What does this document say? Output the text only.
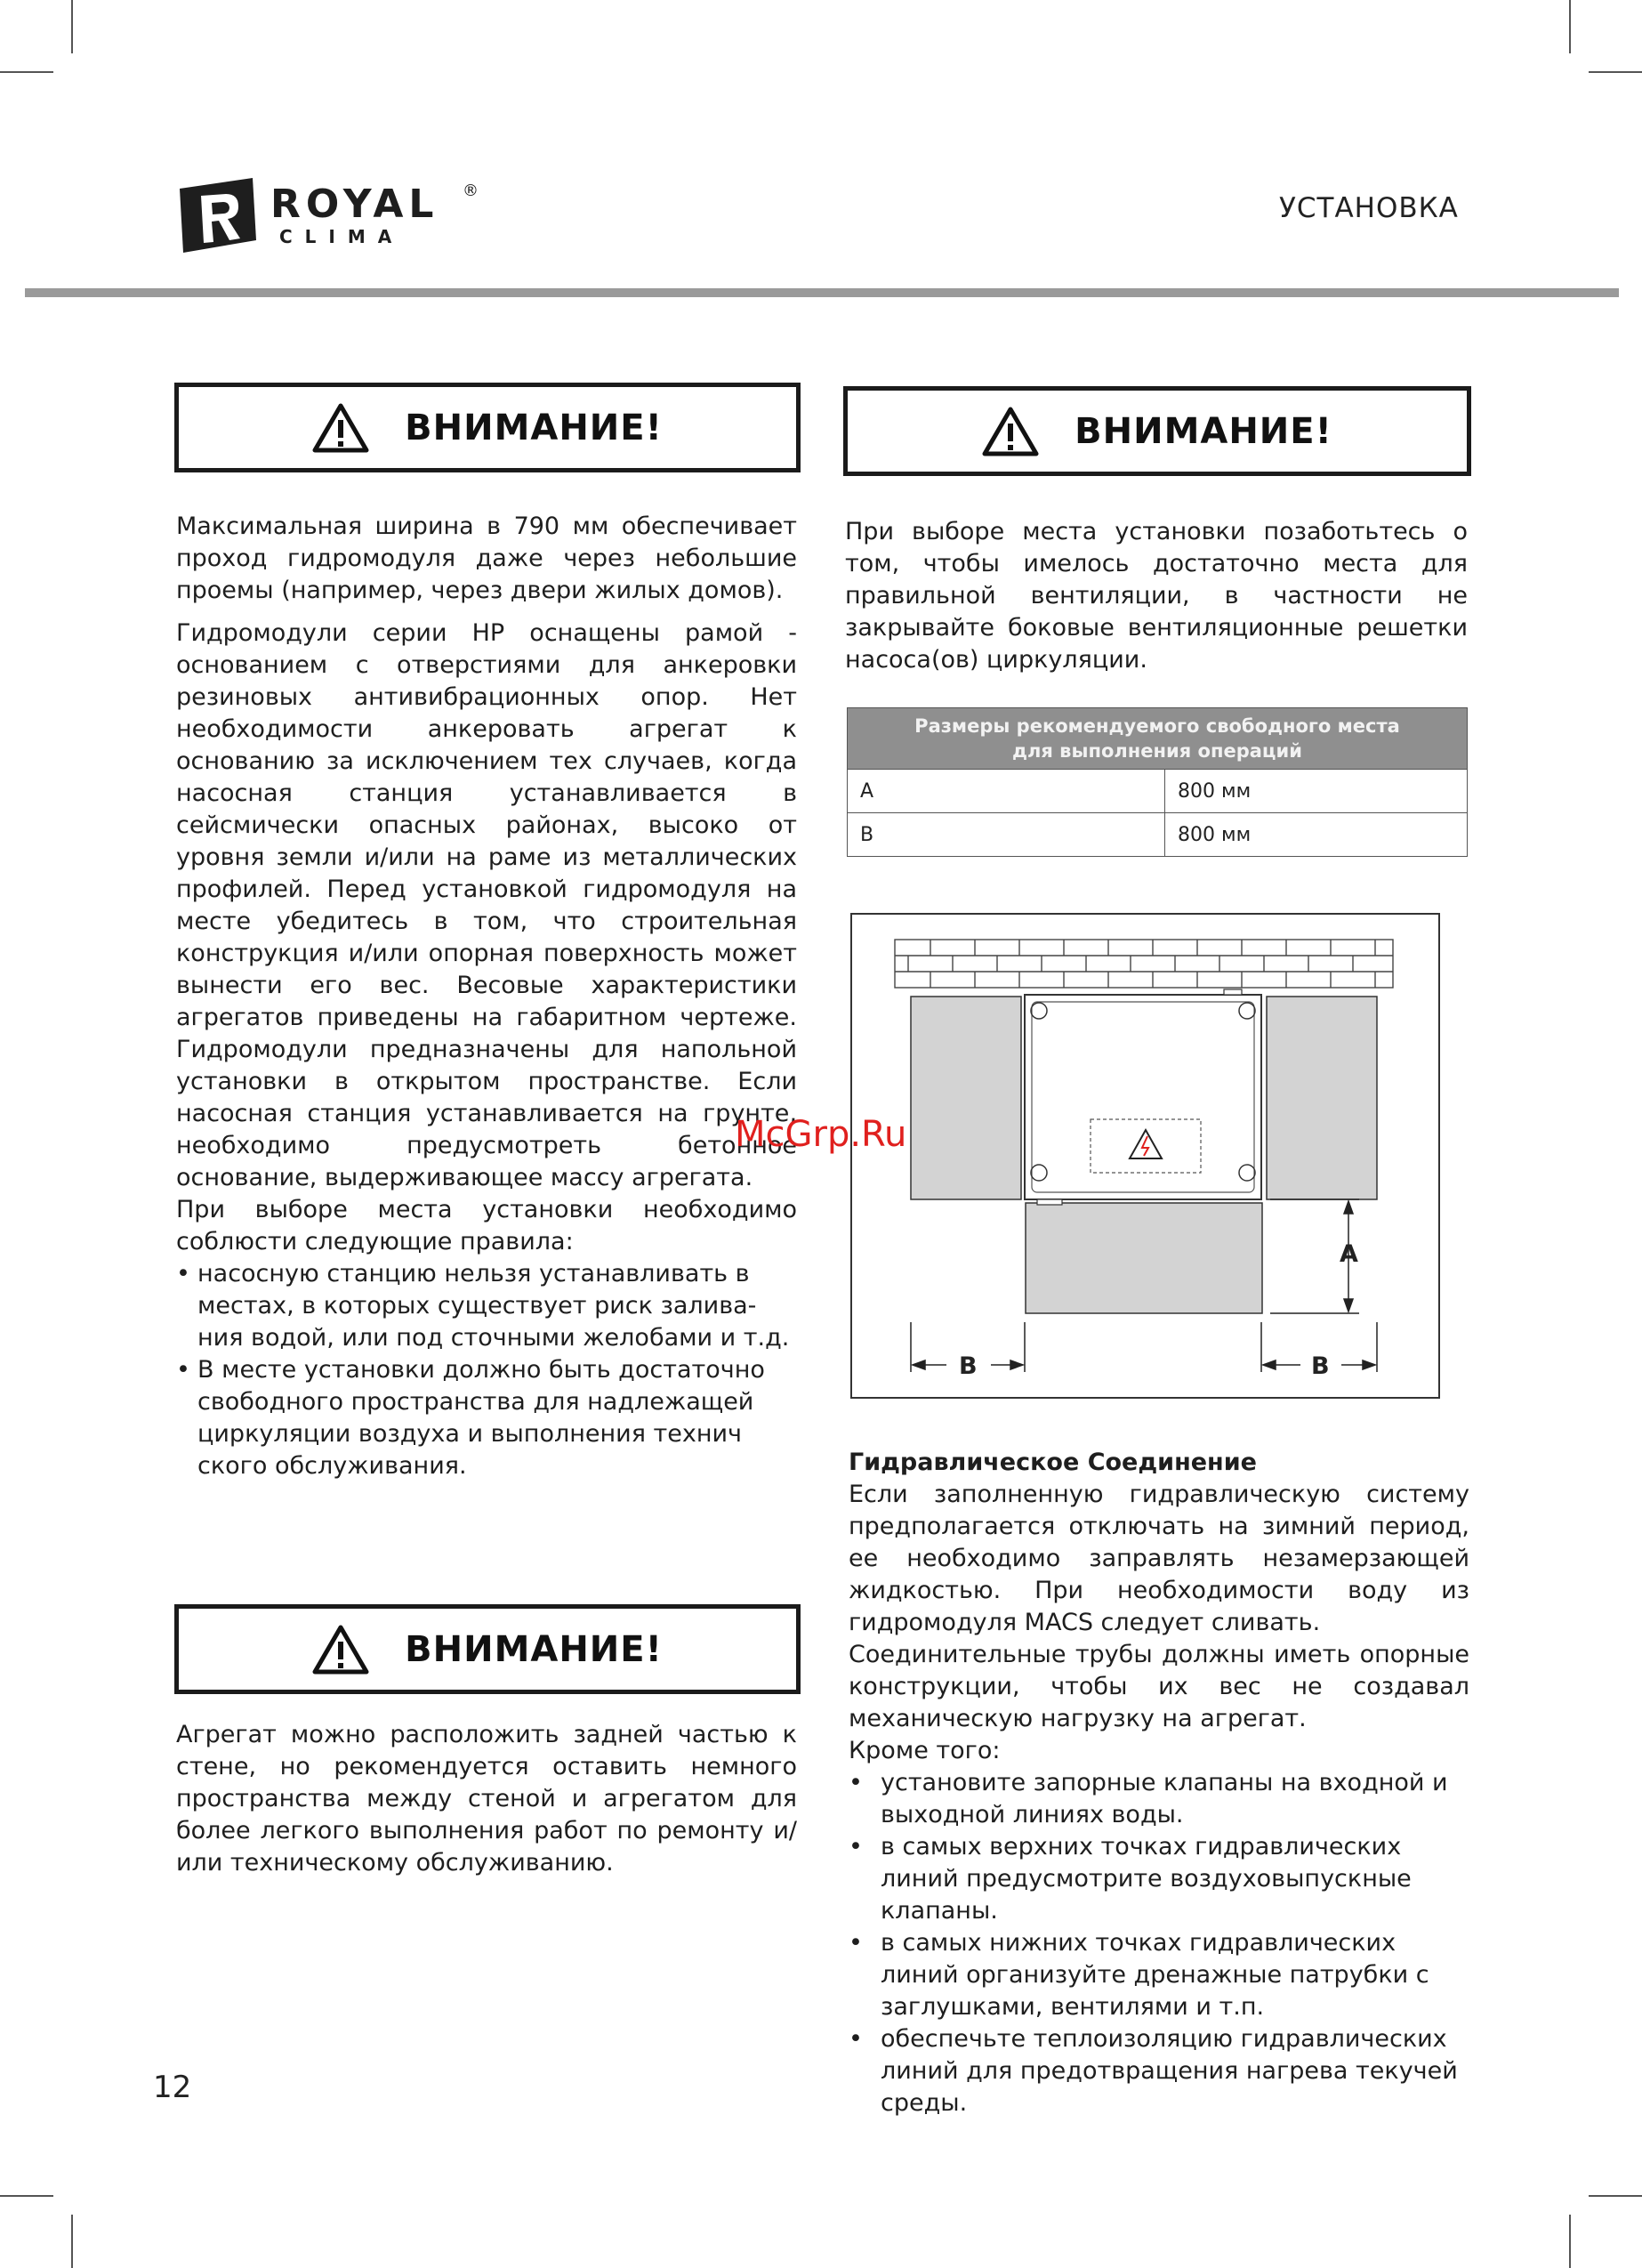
ROYAL ®
CLIMA
УСТАНОВКА
ВНИМАНИЕ!	ВНИМАНИЕ!
ВНИМАНИЕ!

Максимальная ширина в 790 мм обеспечивает проход гидромодуля даже через небольшие проемы (например, через двери жилых домов).

Гидромодули серии HP оснащены рамой - основанием с отверстиями для анкеровки резиновых антивибрационных опор. Нет необходимости анкеровать агрегат к основанию за исключением тех случаев, когда насосная станция устанавливается в сейсмически опасных районах, высоко от уровня земли и/или на раме из металлических профилей. Перед установкой гидромодуля на месте убедитесь в том, что строительная конструкция и/или опорная поверхность может вынести его вес. Весовые характеристики агрегатов приведены на габаритном чертеже. Гидромодули предназначены для напольной установки в открытом пространстве. Если насосная станция устанавливается на грунте, необходимо предусмотреть бетонное основание, выдерживающее массу агрегата.

При выборе места установки необходимо соблюсти следующие правила:

• насосную станцию нельзя устанавливать в местах, в которых существует риск залива- ния водой, или под сточными желобами и т.д.
• В месте установки должно быть достаточно свободного пространства для надлежащей циркуляции воздуха и выполнения технич ского обслуживания.

Агрегат можно расположить задней частью к стене, но рекомендуется оставить немного пространства между стеной и агрегатом для более легкого выполнения работ по ремонту и/или техническому обслуживанию.

При выборе места установки позаботьтесь о том, чтобы имелось достаточно места для правильной вентиляции, в частности не закрывайте боковые вентиляционные решетки насоса(ов) циркуляции.

Размеры рекомендуемого свободного места
для выполнения операций	

A	800 мм
B	800 мм
A
B	B

Гидравлическое Соединение

Если заполненную гидравлическую систему предполагается отключать на зимний период, ее необходимо заправлять незамерзающей жидкостью. При необходимости воду из гидромодуля MACS следует сливать.

Соединительные трубы должны иметь опорные конструкции, чтобы их вес не создавал механическую нагрузку на агрегат.

Кроме того:

• установите запорные клапаны на входной и выходной линиях воды.
• в самых верхних точках гидравлических линий предусмотрите воздуховыпускные клапаны.
• в самых нижних точках гидравлических линий организуйте дренажные патрубки с заглушками, вентилями и т.п.
• обеспечьте теплоизоляцию гидравлических линий для предотвращения нагрева текучей среды.
McGrp.Ru
12
